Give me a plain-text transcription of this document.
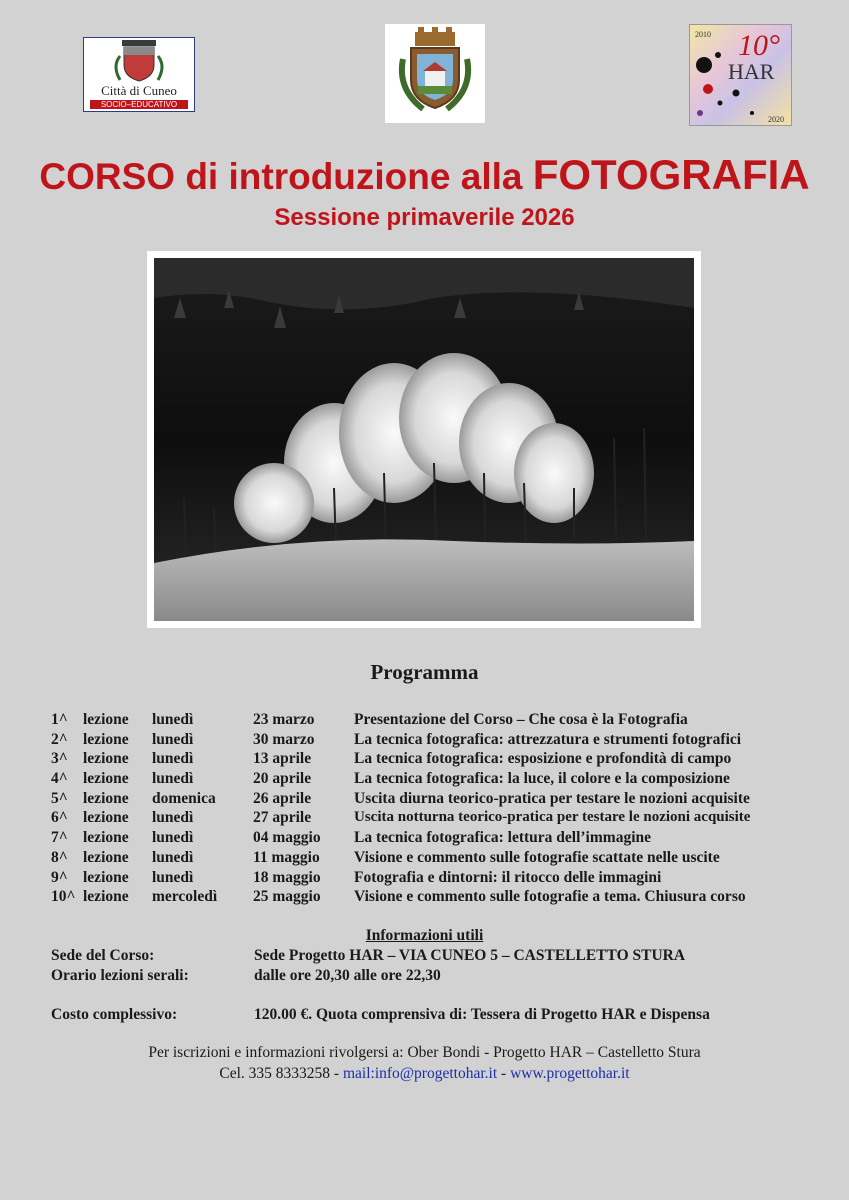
Città di Cuneo
SOCIO–EDUCATIVO
2010 10°
HAR
2020
CORSO di introduzione alla FOTOGRAFIA
Sessione primaverile 2026
Programma
1^ lezione lunedì	23 marzo	Presentazione del Corso – Che cosa è la Fotografia
2^ lezione lunedì	30 marzo	La tecnica fotografica: attrezzatura e strumenti fotografici
3^ lezione lunedì	13 aprile	La tecnica fotografica: esposizione e profondità di campo
4^ lezione lunedì	20 aprile	La tecnica fotografica: la luce, il colore e la composizione
5^ lezione domenica 26 aprile	Uscita diurna teorico-pratica per testare le nozioni acquisite
6^ lezione lunedì	27 aprile	Uscita notturna teorico-pratica per testare le nozioni acquisite
7^ lezione lunedì	04 maggio La tecnica fotografica: lettura dell’immagine
8^ lezione lunedì	11 maggio Visione e commento sulle fotografie scattate nelle uscite
9^ lezione lunedì	18 maggio Fotografia e dintorni: il ritocco delle immagini
10^ lezione mercoledì 25 maggio Visione e commento sulle fotografie a tema. Chiusura corso
Informazioni utili
Sede del Corso:	Sede Progetto HAR – VIA CUNEO 5 – CASTELLETTO STURA
Orario lezioni serali:	dalle ore 20,30 alle ore 22,30
Costo complessivo:	120.00 €. Quota comprensiva di: Tessera di Progetto HAR e Dispensa
Per iscrizioni e informazioni rivolgersi a: Ober Bondi - Progetto HAR – Castelletto Stura
Cel. 335 8333258 - mail:info@progettohar.it - www.progettohar.it
